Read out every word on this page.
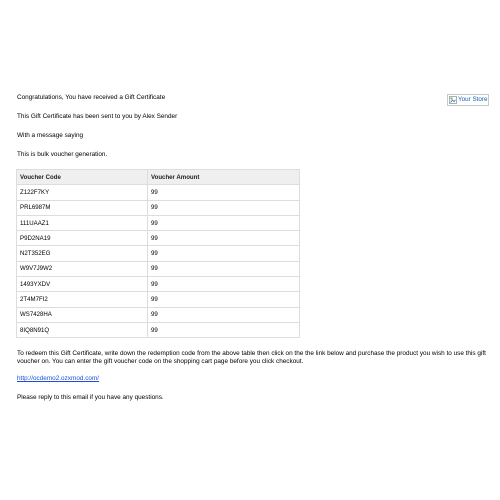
Your Store
Congratulations, You have received a Gift Certificate
This Gift Certificate has been sent to you by Alex Sender
With a message saying
This is bulk voucher generation.
Voucher Code	Voucher Amount
Z122F7KY	99
PRL6987M	99
111UAAZ1	99
P9D2NA19	99
N2T352EG	99
W9V7J9W2	99
1493YXDV	99
2T4M7FI2	99
WS7428HA	99
8IQ8N91Q	99
To redeem this Gift Certificate, write down the redemption code from the above table then click on the the link below and purchase the product you wish to use this gift voucher on. You can enter the gift voucher code on the shopping cart page before you click checkout.
http://ocdemo2.ozxmod.com/
Please reply to this email if you have any questions.
